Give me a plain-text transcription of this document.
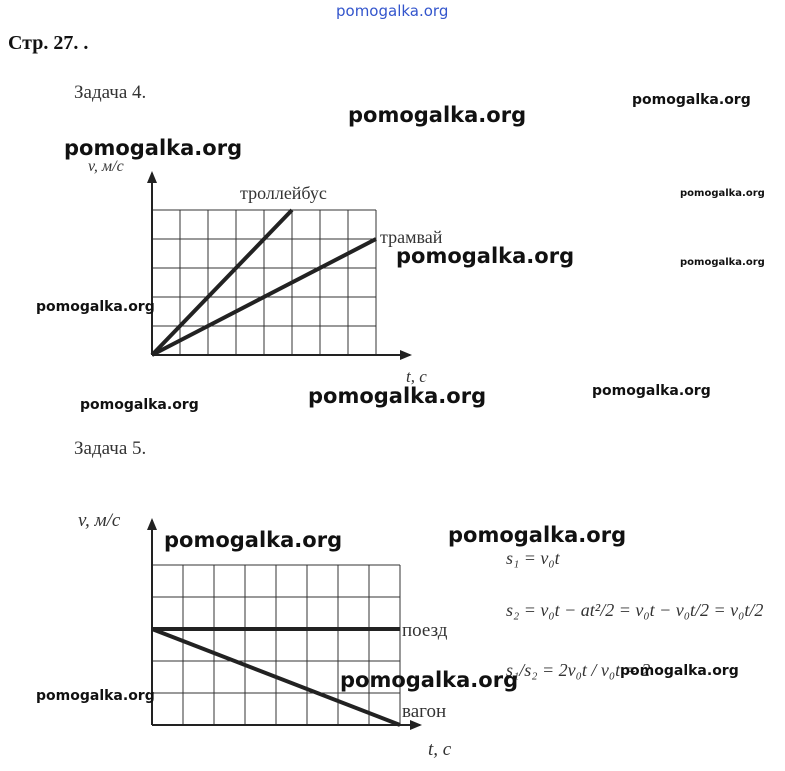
pomogalka.org
Стр. 27. .
Задача 4.
троллейбус
трамвай
v, м/с
t, c
Задача 5.
поезд
вагон
v, м/с
t, с
s₁ = v₀t
s₂ = v₀t − at²/2 = v₀t − v₀t/2 = v₀t/2
s₁/s₂ = 2v₀t / v₀t = 2
pomogalka.org
pomogalka.org
pomogalka.org
pomogalka.org
pomogalka.org	pomogalka.org
pomogalka.org
pomogalka.org	pomogalka.org
pomogalka.org
pomogalka.org
pomogalka.org
pomogalka.org	pomogalka.org
pomogalka.org
